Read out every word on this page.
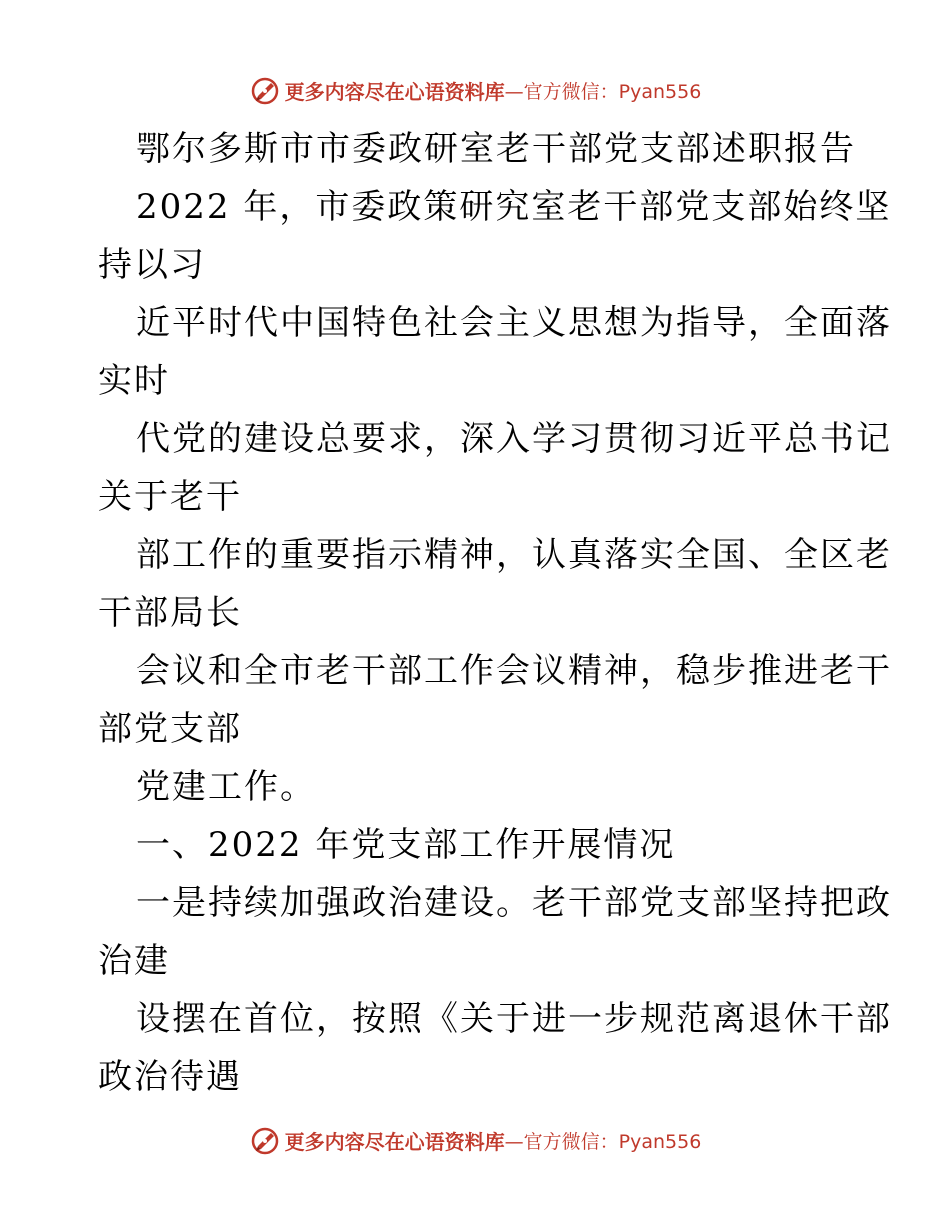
更多内容尽在心语资料库 —官方微信：Pyan556
鄂尔多斯市市委政研室老干部党支部述职报告
2022 年，市委政策研究室老干部党支部始终坚
持以习
近平时代中国特色社会主义思想为指导，全面落
实时
代党的建设总要求，深入学习贯彻习近平总书记
关于老干
部工作的重要指示精神，认真落实全国、全区老
干部局长
会议和全市老干部工作会议精神，稳步推进老干
部党支部
党建工作。
一、2022 年党支部工作开展情况
一是持续加强政治建设。老干部党支部坚持把政
治建
设摆在首位，按照《关于进一步规范离退休干部
政治待遇
更多内容尽在心语资料库 —官方微信：Pyan556
